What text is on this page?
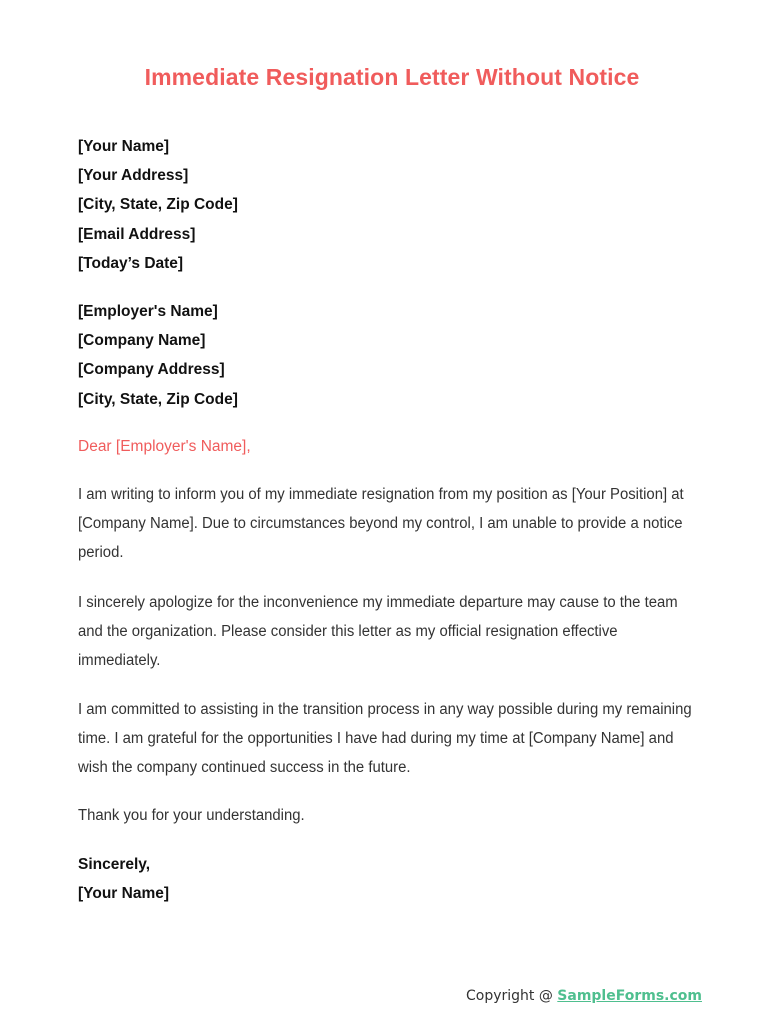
Immediate Resignation Letter Without Notice
[Your Name]
[Your Address]
[City, State, Zip Code]
[Email Address]
[Today’s Date]
[Employer's Name]
[Company Name]
[Company Address]
[City, State, Zip Code]
Dear [Employer's Name],
I am writing to inform you of my immediate resignation from my position as [Your Position] at [Company Name]. Due to circumstances beyond my control, I am unable to provide a notice period.
I sincerely apologize for the inconvenience my immediate departure may cause to the team and the organization. Please consider this letter as my official resignation effective immediately.
I am committed to assisting in the transition process in any way possible during my remaining time. I am grateful for the opportunities I have had during my time at [Company Name] and wish the company continued success in the future.
Thank you for your understanding.
Sincerely,
[Your Name]
Copyright @ SampleForms.com
